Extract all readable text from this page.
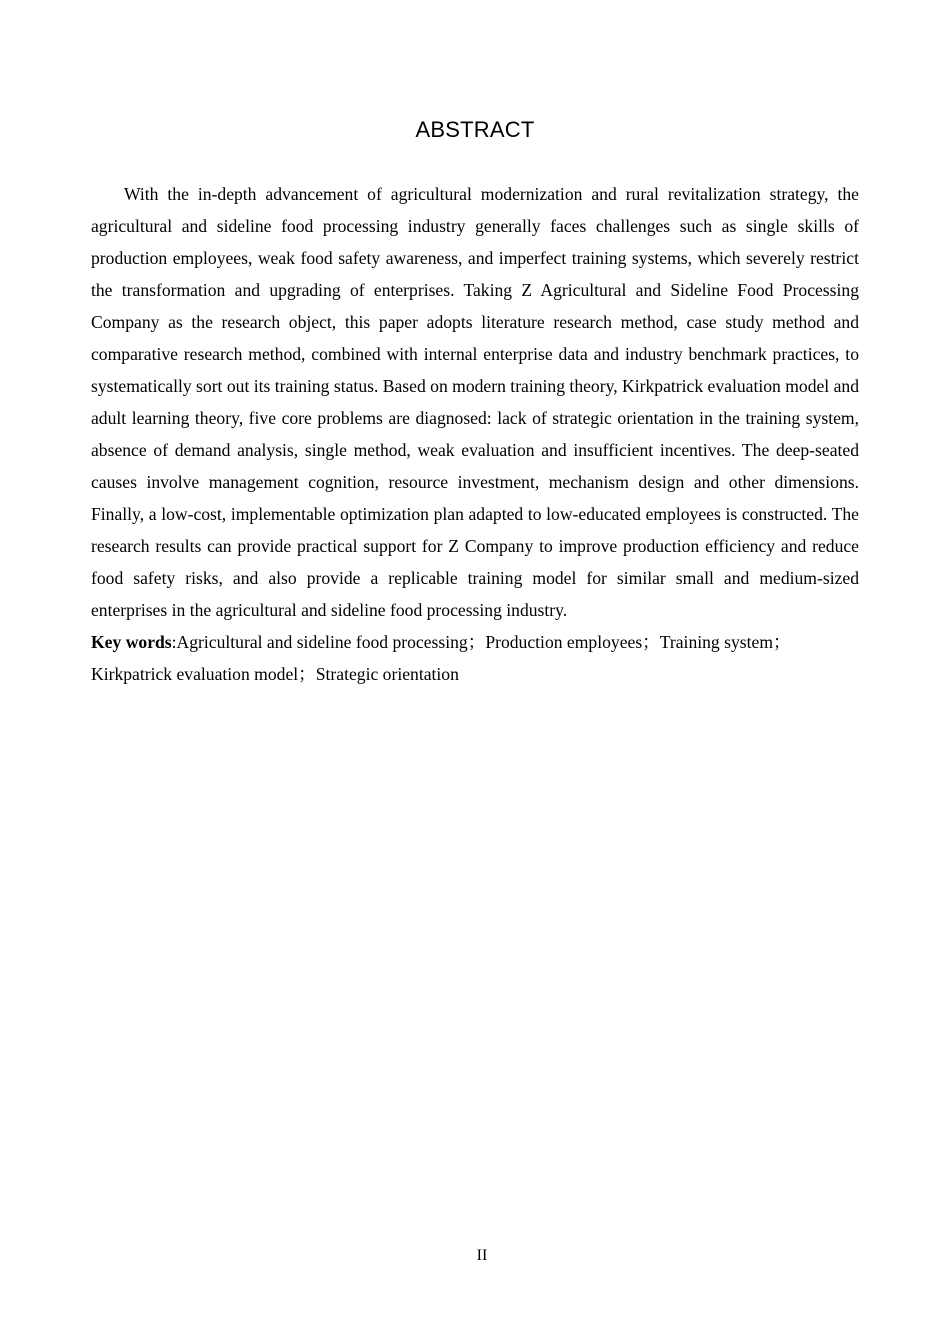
ABSTRACT

With the in-depth advancement of agricultural modernization and rural revitalization strategy, the agricultural and sideline food processing industry generally faces challenges such as single skills of production employees, weak food safety awareness, and imperfect training systems, which severely restrict the transformation and upgrading of enterprises. Taking Z Agricultural and Sideline Food Processing Company as the research object, this paper adopts literature research method, case study method and comparative research method, combined with internal enterprise data and industry benchmark practices, to systematically sort out its training status. Based on modern training theory, Kirkpatrick evaluation model and adult learning theory, five core problems are diagnosed: lack of strategic orientation in the training system, absence of demand analysis, single method, weak evaluation and insufficient incentives. The deep-seated causes involve management cognition, resource investment, mechanism design and other dimensions. Finally, a low-cost, implementable optimization plan adapted to low-educated employees is constructed. The research results can provide practical support for Z Company to improve production efficiency and reduce food safety risks, and also provide a replicable training model for similar small and medium-sized enterprises in the agricultural and sideline food processing industry.

Key words:Agricultural and sideline food processing；Production employees；Training system；Kirkpatrick evaluation model；Strategic orientation

II
